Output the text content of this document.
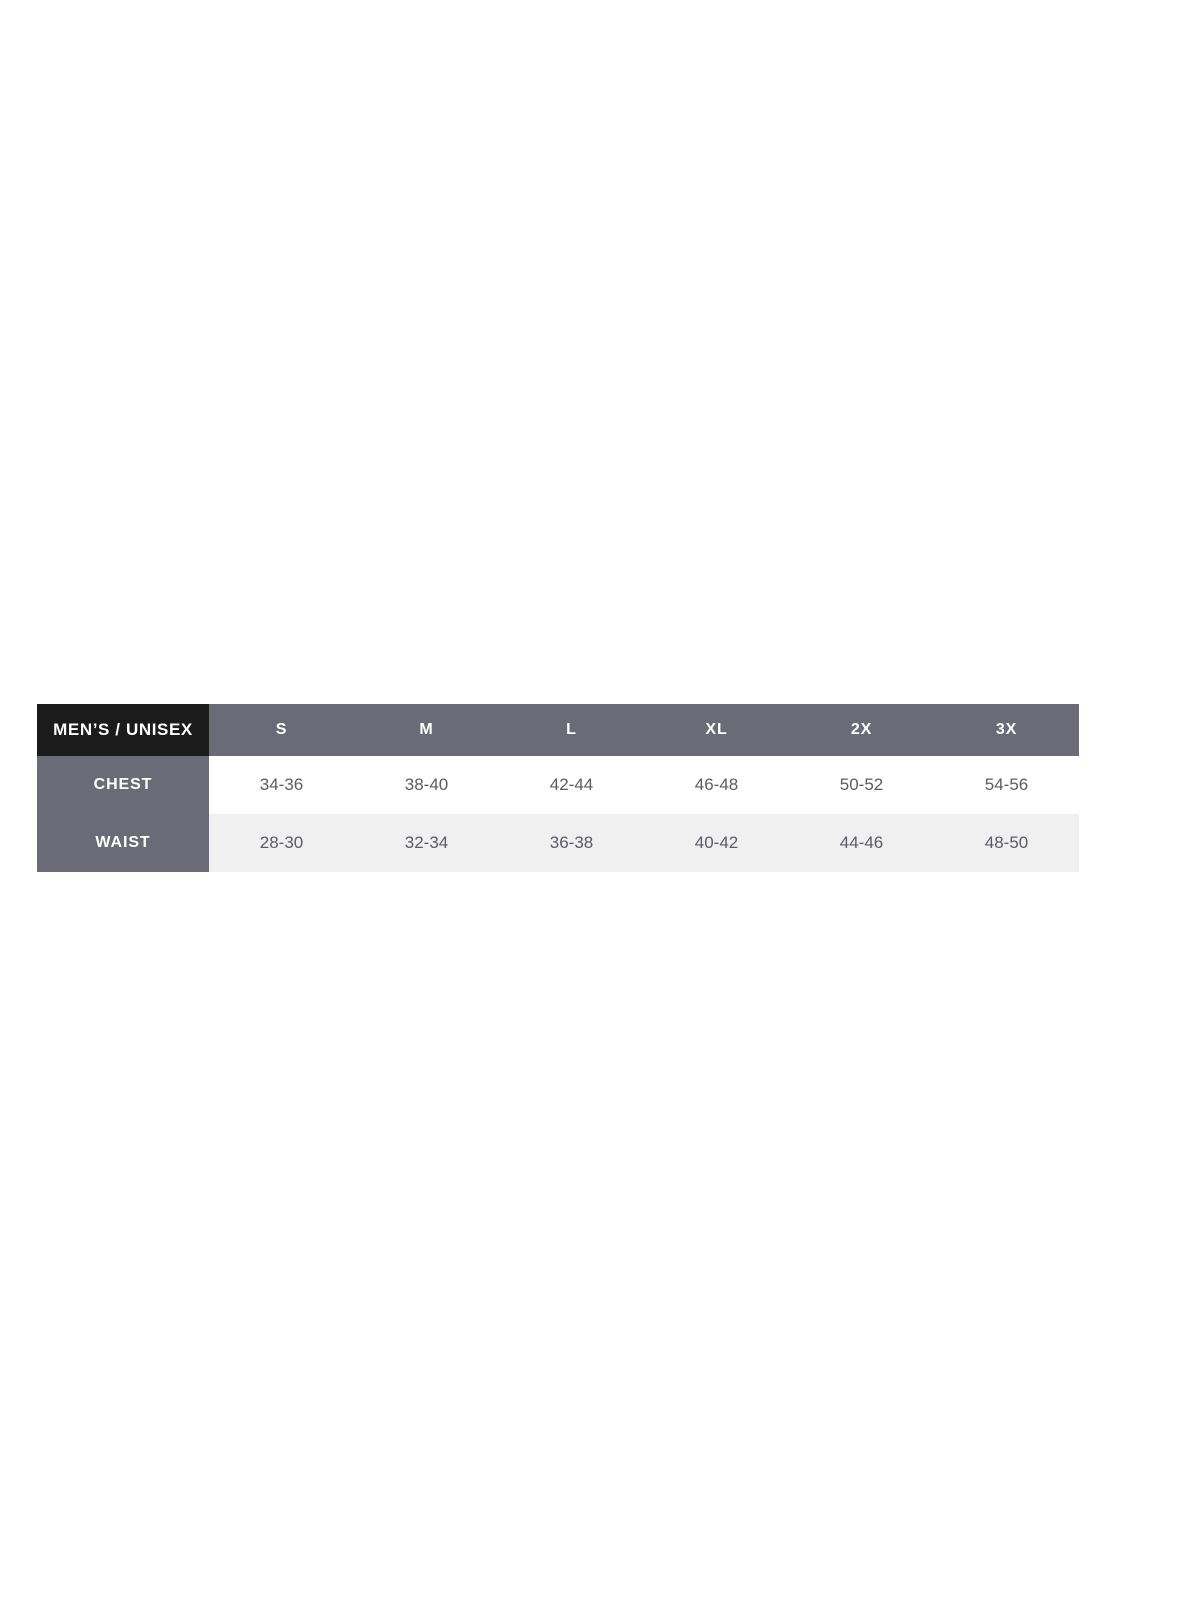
MEN’S / UNISEX	S	M	L	XL	2X	3X
CHEST	34-36	38-40	42-44	46-48	50-52	54-56
WAIST	28-30	32-34	36-38	40-42	44-46	48-50
